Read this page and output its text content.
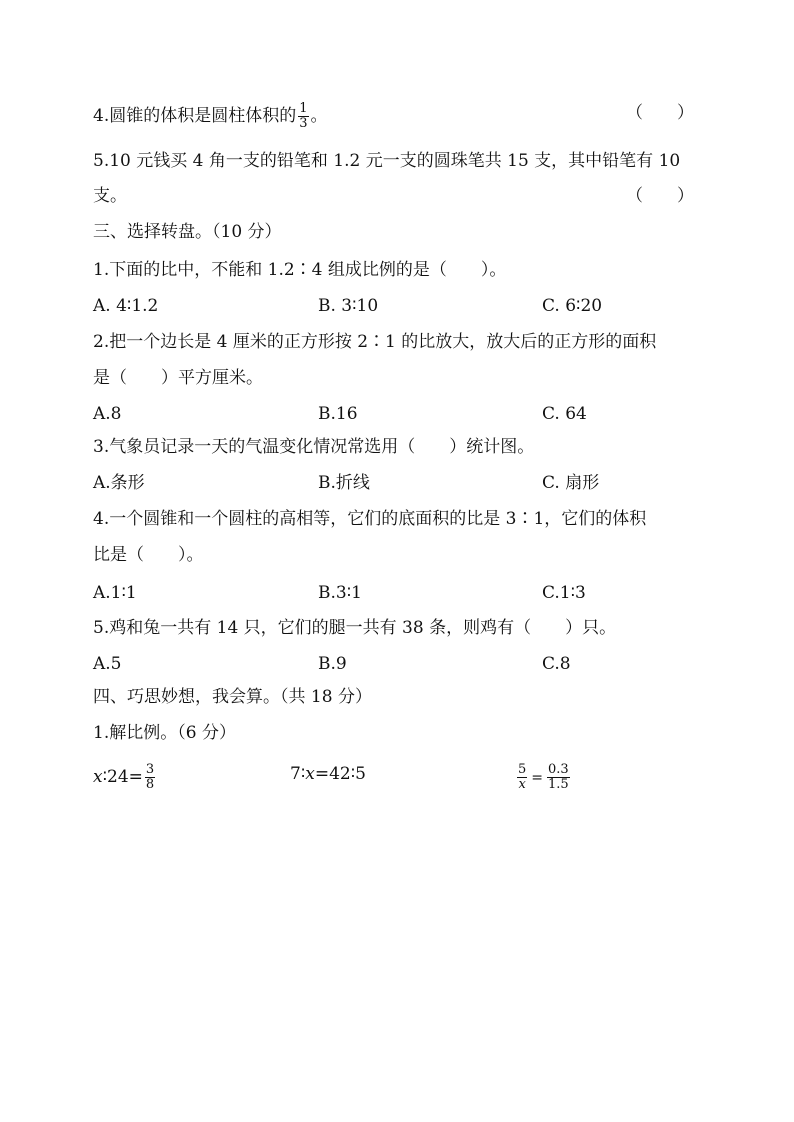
4.圆锥的体积是圆柱体积的 $\frac{1}{3}$ 。	（　　）
5.10 元钱买 4 角一支的铅笔和 1.2 元一支的圆珠笔共 15 支，其中铅笔有 10
支。	（　　）
三、选择转盘。（10 分）
1.下面的比中，不能和 1.2∶4 组成比例的是（　　）。
A. 4∶1.2	B. 3∶10	C. 6∶20
2.把一个边长是 4 厘米的正方形按 2∶1 的比放大，放大后的正方形的面积
是（　　）平方厘米。
A.8	B.16	C. 64
3.气象员记录一天的气温变化情况常选用（　　）统计图。
A.条形	B.折线	C. 扇形
4.一个圆锥和一个圆柱的高相等，它们的底面积的比是 3∶1，它们的体积
比是（　　）。
A.1∶1	B.3∶1	C.1∶3
5.鸡和兔一共有 14 只，它们的腿一共有 38 条，则鸡有（　　）只。
A.5	B.9	C.8
四、巧思妙想，我会算。（共 18 分）
1.解比例。（6 分）
x∶24= $\frac{3}{8}$	7∶x=42∶5	$\frac{5}{x} = \frac{0.3}{1.5}$
